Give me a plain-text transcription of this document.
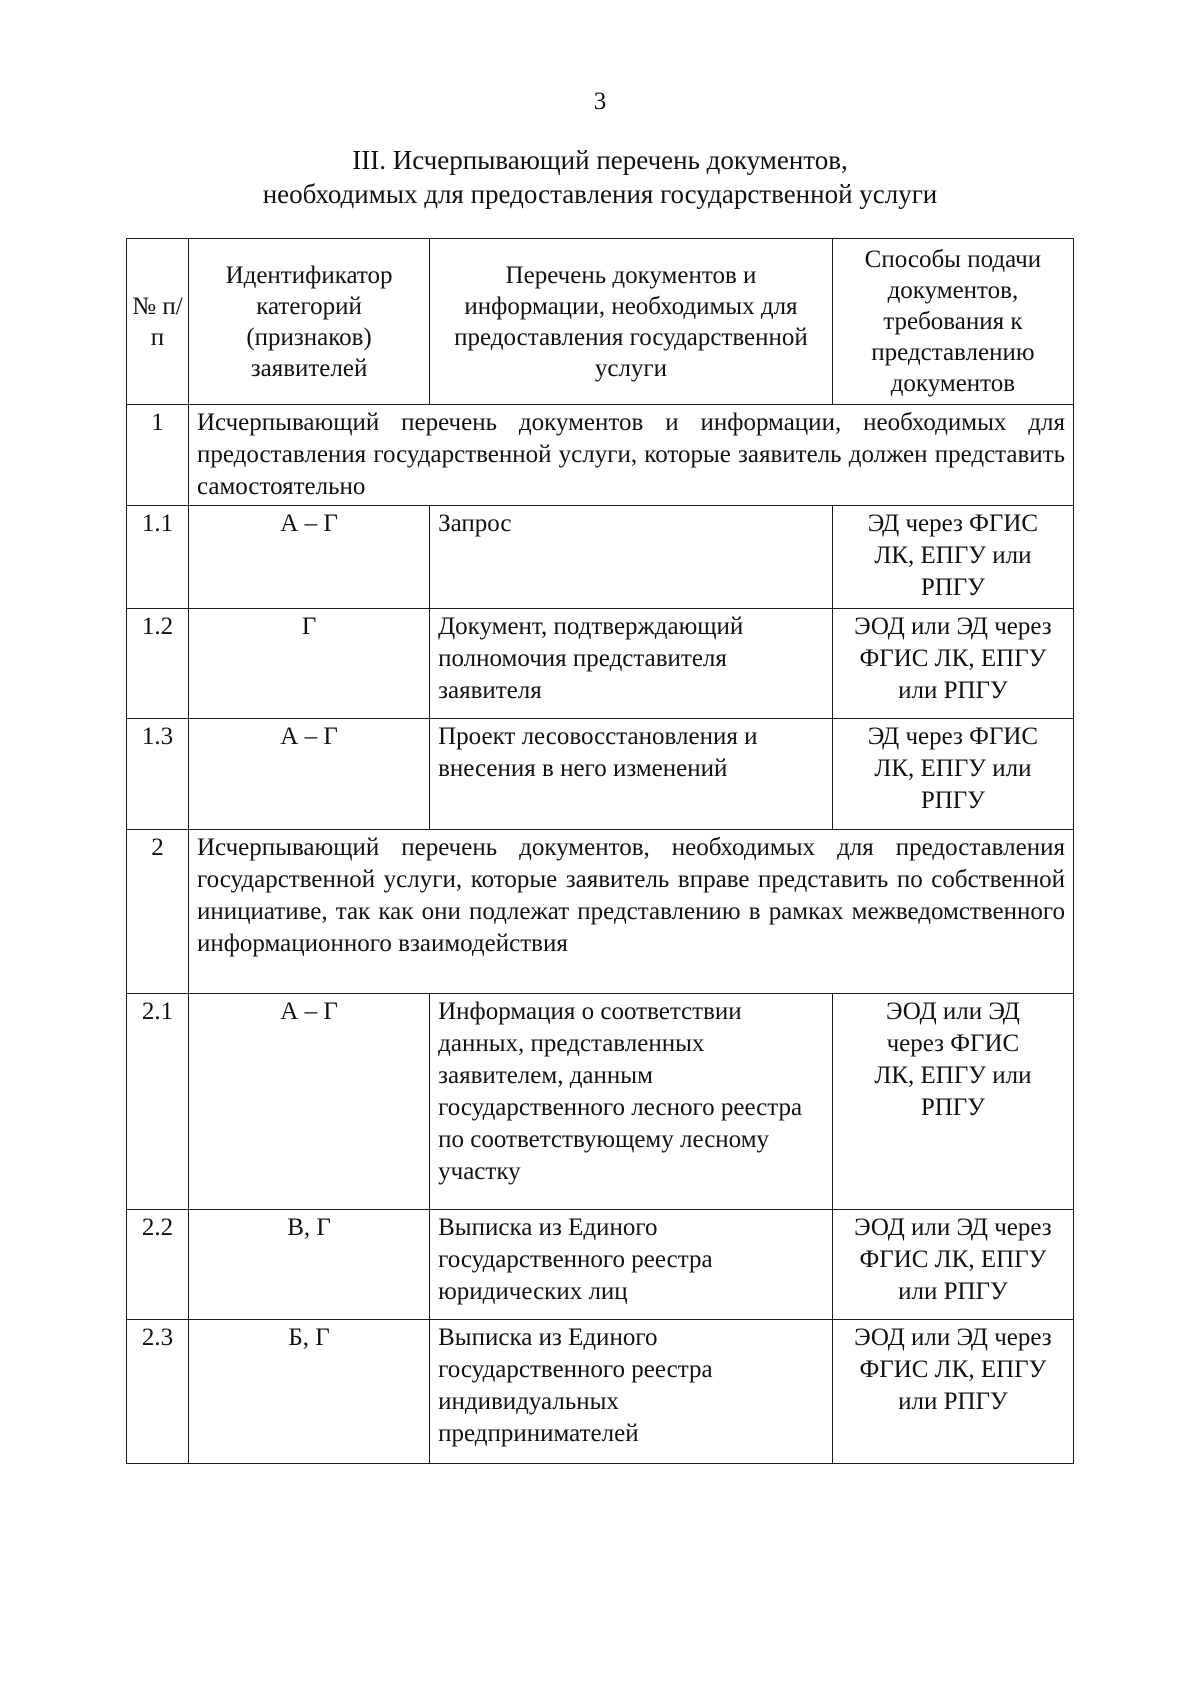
3
III. Исчерпывающий перечень документов,
необходимых для предоставления государственной услуги
№ п/п	Идентификатор категорий (признаков) заявителей	Перечень документов и информации, необходимых для предоставления государственной услуги	Способы подачи документов, требования к представлению документов
1	Исчерпывающий перечень документов и информации, необходимых для предоставления государственной услуги, которые заявитель должен представить самостоятельно		
1.1	А – Г	Запрос	ЭД через ФГИС ЛК, ЕПГУ или РПГУ
1.2	Г	Документ, подтверждающий полномочия представителя заявителя	ЭОД или ЭД через ФГИС ЛК, ЕПГУ или РПГУ
1.3	А – Г	Проект лесовосстановления и внесения в него изменений	ЭД через ФГИС ЛК, ЕПГУ или РПГУ
2	Исчерпывающий перечень документов, необходимых для предоставления государственной услуги, которые заявитель вправе представить по собственной инициативе, так как они подлежат представлению в рамках межведомственного информационного взаимодействия		
2.1	А – Г	Информация о соответствии данных, представленных заявителем, данным государственного лесного реестра по соответствующему лесному участку	ЭОД или ЭД через ФГИС ЛК, ЕПГУ или РПГУ
2.2	В, Г	Выписка из Единого государственного реестра юридических лиц	ЭОД или ЭД через ФГИС ЛК, ЕПГУ или РПГУ
2.3	Б, Г	Выписка из Единого государственного реестра индивидуальных предпринимателей	ЭОД или ЭД через ФГИС ЛК, ЕПГУ или РПГУ
